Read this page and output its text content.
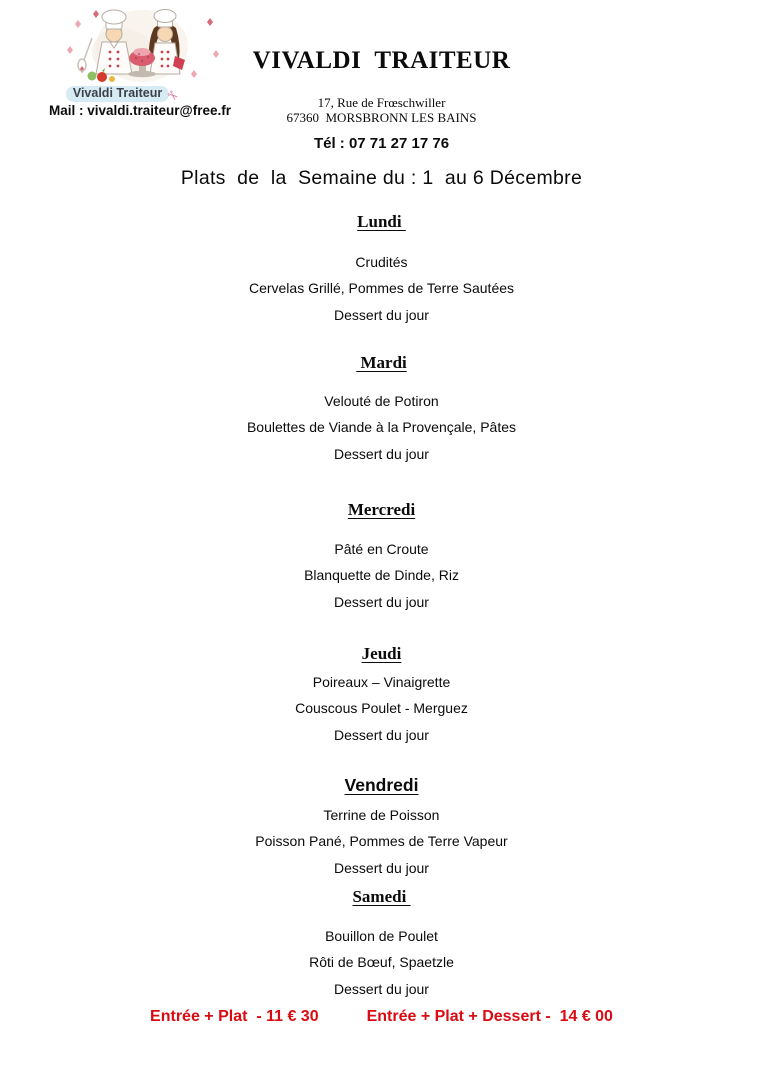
Vivaldi Traiteur ✂
Mail : vivaldi.traiteur@free.fr
VIVALDI  TRAITEUR
17, Rue de Frœschwiller
67360  MORSBRONN LES BAINS
Tél : 07 71 27 17 76
Plats  de  la  Semaine du : 1  au 6 Décembre
Lundi
Crudités
Cervelas Grillé, Pommes de Terre Sautées
Dessert du jour
Mardi
Velouté de Potiron
Boulettes de Viande à la Provençale, Pâtes
Dessert du jour
Mercredi
Pâté en Croute
Blanquette de Dinde, Riz
Dessert du jour
Jeudi
Poireaux – Vinaigrette
Couscous Poulet - Merguez
Dessert du jour
Vendredi
Terrine de Poisson
Poisson Pané, Pommes de Terre Vapeur
Dessert du jour
Samedi
Bouillon de Poulet
Rôti de Bœuf, Spaetzle
Dessert du jour
Entrée + Plat  - 11 € 30	Entrée + Plat + Dessert -  14 € 00
